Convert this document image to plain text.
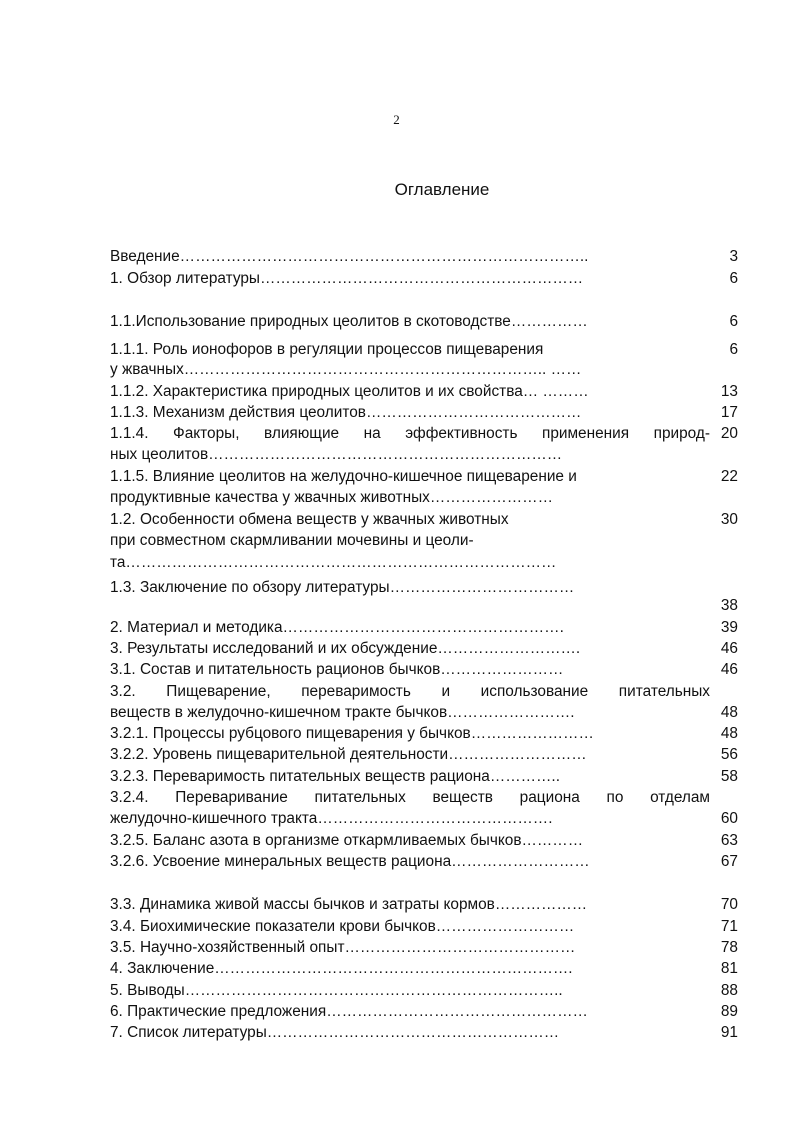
2
Оглавление
Введение……………………………………………………………………..
1. Обзор литературы………………………………………………………
1.1.Использование природных цеолитов в скотоводстве……………
1.1.1. Роль ионофоров в регуляции процессов пищеварения
у жвачных…………………………………………………………….. ……
1.1.2. Характеристика природных цеолитов и их свойства… ………
1.1.3. Механизм действия цеолитов……………………………………
1.1.4. Факторы, влияющие на эффективность применения природ-
ных цеолитов……………………………………………………………
1.1.5. Влияние цеолитов на желудочно-кишечное пищеварение и
продуктивные качества у жвачных животных……………………
1.2. Особенности обмена веществ у жвачных животных
при совместном скармливании мочевины и цеоли-
та…………………………………………………………………………
1.3. Заключение по обзору литературы………………………………
2. Материал и методика……………………………………………….
3. Результаты исследований и их обсуждение……………………….
3.1. Состав и питательность рационов бычков……………………
3.2. Пищеварение, переваримость и использование питательных
веществ в желудочно-кишечном тракте бычков…………………….
3.2.1. Процессы рубцового пищеварения у бычков……………………
3.2.2. Уровень пищеварительной деятельности………………………
3.2.3. Переваримость питательных веществ рациона…………..
3.2.4. Переваривание питательных веществ рациона по отделам
желудочно-кишечного тракта……………………………………….
3.2.5. Баланс азота в организме откармливаемых бычков…………
3.2.6. Усвоение минеральных веществ рациона………………………
3.3. Динамика живой массы бычков и затраты кормов………………
3.4. Биохимические показатели крови бычков………………………
3.5. Научно-хозяйственный опыт………………………………………
4. Заключение…………………………………………………………….
5. Выводы………………………………………………………………..
6. Практические предложения……………………………………………
7. Список литературы…………………………………………………
3
6
6
6
13
17
20
22
30
38
39
46
46
48
48
56
58
60
63
67
70
71
78
81
88
89
91
